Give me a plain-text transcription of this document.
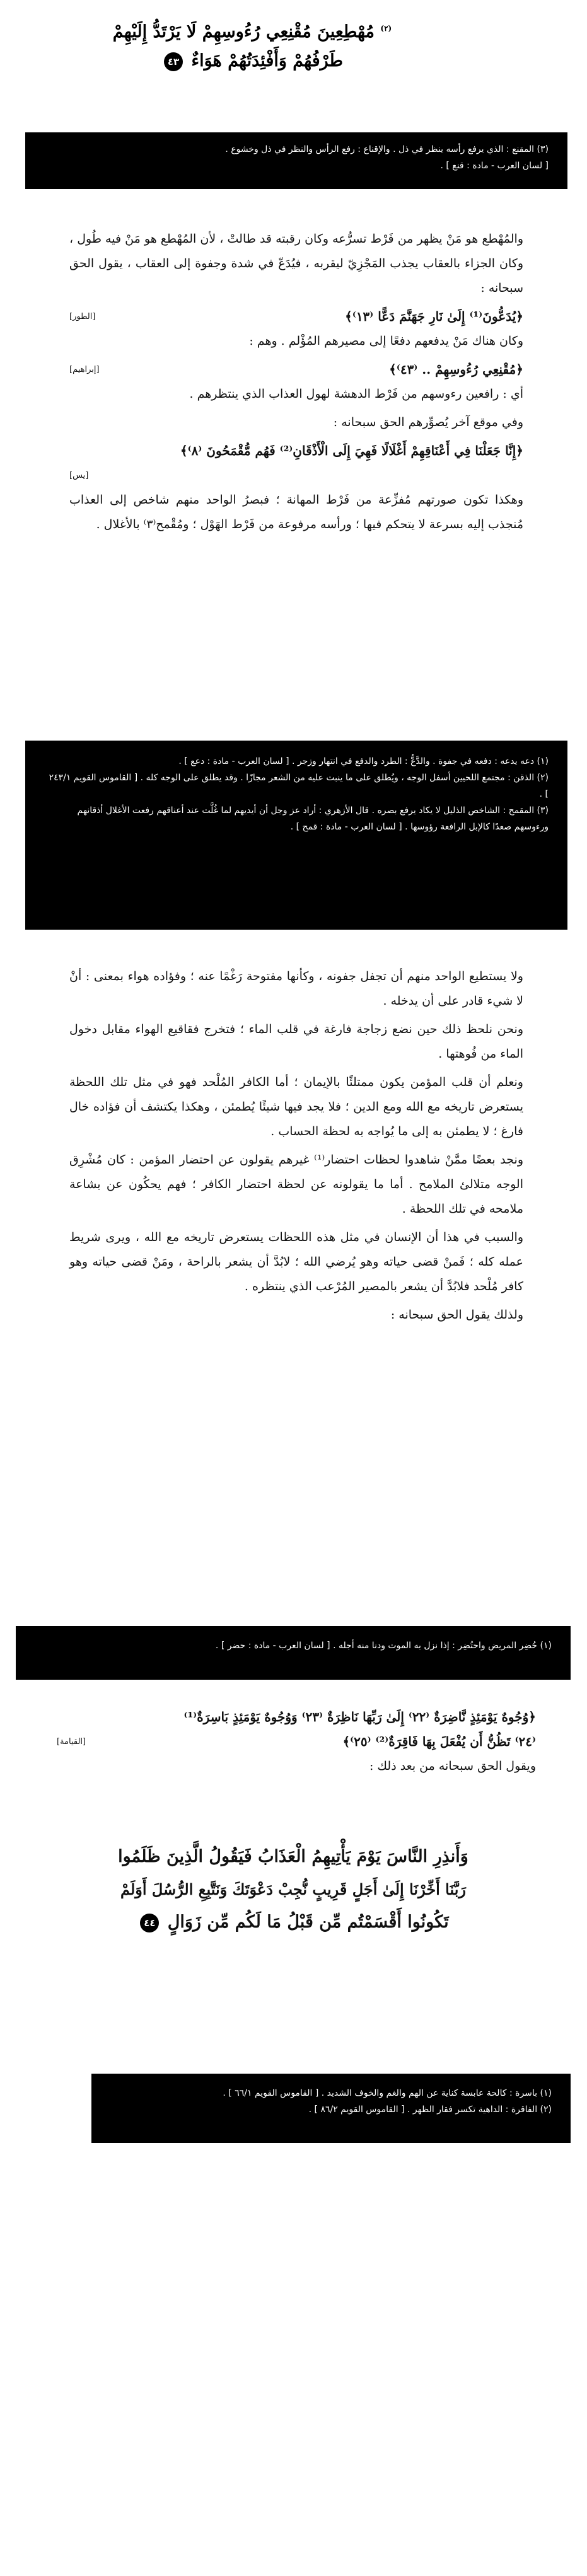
$^{(٢)}$ مُهْطِعِينَ مُقْنِعِي رُءُوسِهِمْ لَا يَرْتَدُّ إِلَيْهِمْ
طَرْفُهُمْ وَأَفْئِدَتُهُمْ هَوَاءٌ ٤٣

(٣) المقنع : الذي يرفع رأسه ينظر في ذل . والإقناع : رفع الرأس والنظر في ذل وخشوع .

[ لسان العرب - مادة : قنع ] .

والمُهْطع هو مَنْ يظهر من فَرْط تسرُّعه وكان رقبته قد طالتْ ، لأن المُهْطع هو مَنْ فيه طُول ، وكان الجزاء بالعقاب يجذب المَجْزِيّ ليقربه ، فيُدَعّ في شدة وجفوة إلى العقاب ، يقول الحق سبحانه :

﴿يُدَعُّونَ⁽¹⁾ إِلَىٰ نَارِ جَهَنَّمَ دَعًّا ⁽١٣⁾﴾
[الطور]

وكان هناك مَنْ يدفعهم دفعًا إلى مصيرهم المُؤْلم . وهم :

﴿مُقْنِعِي رُءُوسِهِمْ .. ⁽٤٣⁾﴾
[إبراهيم]

أي : رافعين رءوسهم من فَرْط الدهشة لهول العذاب الذي ينتظرهم .

وفي موقع آخر يُصوِّرهم الحق سبحانه :

﴿إِنَّا جَعَلْنَا فِي أَعْنَاقِهِمْ أَغْلَالًا فَهِيَ إِلَى الْأَذْقَانِ⁽²⁾ فَهُم مُّقْمَحُونَ ⁽٨⁾﴾
[يس]

وهكذا تكون صورتهم مُفزِّعة من فَرْط المهانة ؛ فبصرُ الواحد منهم شاخص إلى العذاب مُنجذب إليه بسرعة لا يتحكم فيها ؛ ورأسه مرفوعة من فَرْط الهَوْل ؛ ومُقْمح⁽٣⁾ بالأغلال .

(١) دعه يدعه : دفعه في جفوة . والدَّعُّ : الطرد والدفع في انتهار وزجر . [ لسان العرب - مادة : دعع ] .

(٢) الذقن : مجتمع اللحيين أسفل الوجه ، ويُطلق على ما ينبت عليه من الشعر مجازًا . وقد يطلق على الوجه كله . [ القاموس القويم ٢٤٣/١ ] .

(٣) المقمح : الشاخص الذليل لا يكاد يرفع بصره . قال الأزهري : أراد عز وجل أن أيديهم لما غُلَّت عند أعناقهم رفعت الأغلال أذقانهم ورءوسهم صعدًا كالإبل الرافعة رؤوسها . [ لسان العرب - مادة : قمح ] .

ولا يستطيع الواحد منهم أن تجفل جفونه ، وكأنها مفتوحة رَغْمًا عنه ؛ وفؤاده هواء بمعنى : أنْ لا شيء قادر على أن يدخله .

ونحن نلحظ ذلك حين نضع زجاجة فارغة في قلب الماء ؛ فتخرج فقاقيع الهواء مقابل دخول الماء من فُوهتها .

ونعلم أن قلب المؤمن يكون ممتلئًا بالإيمان ؛ أما الكافر المُلْحد فهو في مثل تلك اللحظة يستعرض تاريخه مع الله ومع الدين ؛ فلا يجد فيها شيئًا يُطمئن ، وهكذا يكتشف أن فؤاده خال فارغ ؛ لا يطمئن به إلى ما يُواجه به لحظة الحساب .

ونجد بعضًا ممَّنْ شاهدوا لحظات احتضار⁽¹⁾ غيرهم يقولون عن احتضار المؤمن : كان مُشْرِق الوجه متلالئ الملامح . أما ما يقولونه عن لحظة احتضار الكافر ؛ فهم يحكُون عن بشاعة ملامحه في تلك اللحظة .

والسبب في هذا أن الإنسان في مثل هذه اللحظات يستعرض تاريخه مع الله ، ويرى شريط عمله كله ؛ فَمنْ قضى حياته وهو يُرضي الله ؛ لابُدَّ أن يشعر بالراحة ، ومَنْ قضى حياته وهو كافر مُلْحد فلابُدَّ أن يشعر بالمصير المُرْعب الذي ينتظره .

ولذلك يقول الحق سبحانه :

(١) حُضِر المريض واحتُضِر : إذا نزل به الموت ودنا منه أجله . [ لسان العرب - مادة : حضر ] .

﴿وُجُوهٌ يَوْمَئِذٍ نَّاضِرَةٌ ⁽٢٢⁾ إِلَىٰ رَبِّهَا نَاظِرَةٌ ⁽٢٣⁾ وَوُجُوهٌ يَوْمَئِذٍ بَاسِرَةٌ⁽¹⁾
⁽٢٤⁾ تَظُنُّ أَن يُفْعَلَ بِهَا فَاقِرَةٌ⁽²⁾ ⁽٢٥⁾﴾
[القيامة]

ويقول الحق سبحانه من بعد ذلك :

وَأَنذِرِ النَّاسَ يَوْمَ يَأْتِيهِمُ الْعَذَابُ فَيَقُولُ الَّذِينَ ظَلَمُوا
رَبَّنَا أَخِّرْنَا إِلَىٰ أَجَلٍ قَرِيبٍ نُّجِبْ دَعْوَتَكَ وَنَتَّبِعِ الرُّسُلَ أَوَلَمْ
تَكُونُوا أَقْسَمْتُم مِّن قَبْلُ مَا لَكُم مِّن زَوَالٍ ٤٤

(١) باسرة : كالحة عابسة كناية عن الهم والغم والخوف الشديد . [ القاموس القويم ٦٦/١ ] .

(٢) الفاقرة : الداهية تكسر فقار الظهر . [ القاموس القويم ٨٦/٢ ] .
